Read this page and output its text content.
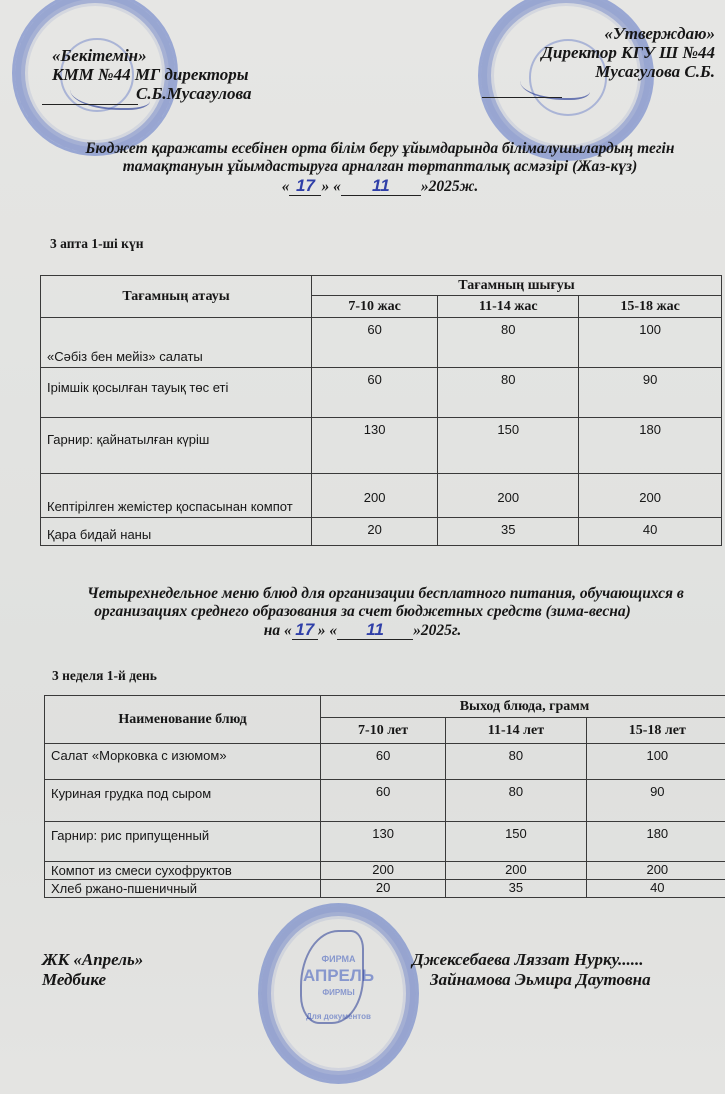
«Бекітемін»
КММ №44 МГ директоры
С.Б.Мусағулова
«Утверждаю»
Директор КГУ Ш №44
Мусагулова С.Б.
Бюджет қаражаты есебінен орта білім беру ұйымдарында білімалушылардың тегін
тамақтануын ұйымдастыруға арналған төртапталық асмәзірі (Жаз-күз)
« 17 » « 11 »2025ж.
3 апта 1-ші күн
Тағамның атауы	Тағамның шығуы		
	7-10 жас	11-14 жас	15-18 жас
«Сәбіз бен мейіз» салаты	60	80	100
Ірімшік қосылған тауық төс еті	60	80	90
Гарнир: қайнатылған күріш	130	150	180
Кептірілген жемістер қоспасынан компот	200	200	200
Қара бидай наны	20	35	40
Четырехнедельное меню блюд для организации бесплатного питания, обучающихся в
организациях среднего образования за счет бюджетных средств (зима-весна)
на « 17 » « 11 »2025г.
3 неделя 1-й день
Наименование блюд	Выход блюда, грамм		
	7-10 лет	11-14 лет	15-18 лет
Салат «Морковка с изюмом»	60	80	100
Куриная грудка под сыром	60	80	90
Гарнир: рис припущенный	130	150	180
Компот из смеси сухофруктов	200	200	200
Хлеб ржано-пшеничный	20	35	40
ФИРМА
АПРЕЛЬ
ФИРМЫ
Для документов
ЖК «Апрель»
Медбике
Джексебаева Ляззат Нурку......
Зайнамова Эьмира Даутовна
